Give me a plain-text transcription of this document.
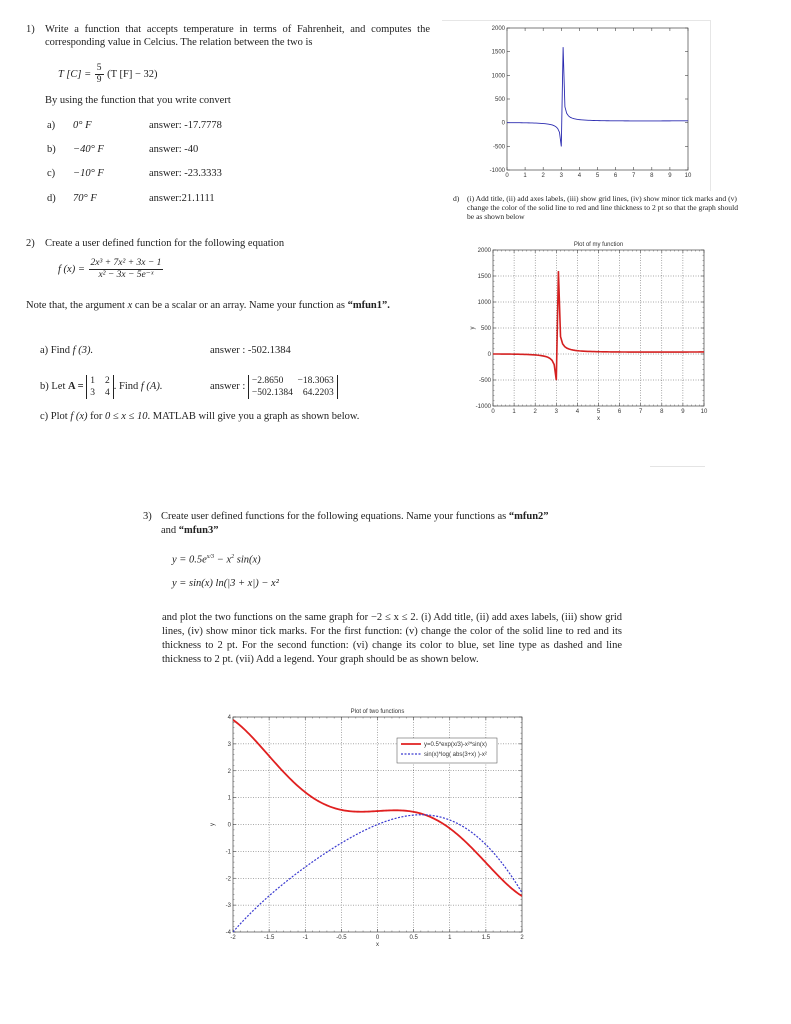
1) Write a function that accepts temperature in terms of Fahrenheit, and computes the
corresponding value in Celcius. The relation between the two is
T $[C] = \frac{5}{9} (T$ [F] − 32)
By using the function that you write convert
a) 0° F	answer: -17.7778
b) −40° F	answer: -40
c) −10° F	answer: -23.3333
d) 70° F	answer:21.1111
2) Create a user defined function for the following equation
f $(x) = \frac{\text{2x³ + 7x² + 3x − 1}}{\text{x² − 3x − 5e⁻ˣ}}$
Note that, the argument x can be a scalar or an array. Name your function as “mfun1”.
a) Find f (3).	answer : -502.1384
b) Let A =
1 2
3 4
. Find f (A).	answer :
−2.8650 −18.3063
−502.1384 64.2203
c) Plot f (x) for 0 ≤ x ≤ 10. MATLAB will give you a graph as shown below.
d) (i) Add title, (ii) add axes labels, (iii) show grid lines, (iv) show minor tick marks and (v)
change the color of the solid line to red and line thickness to 2 pt so that the graph should
be as shown below
3) Create user defined functions for the following equations. Name your functions as “mfun2”
and “mfun3”
$y = 0.5e^{x/3} - x^2$ sin(x)
y = sin(x) ln(|3 + x|) − x²
and plot the two functions on the same graph for −2 ≤ x ≤ 2. (i) Add title, (ii) add axes labels, (iii) show grid lines, (iv) show minor tick marks. For the first function: (v) change the color of the solid line to red and its thickness to 2 pt. For the second function: (vi) change its color to blue, set line type as dashed and line thickness to 2 pt. (vii) Add a legend. Your graph should be as shown below.
0 1 2 3 4 5 6 7 8 9 10
-1000
-500
0
500
1000
1500
2000
0	1	2	3	4	5	6	7	8	9	10
-1000
-500
0
500
1000
1500
2000
Plot of my function
x
y
-2	-1.5	-1	-0.5	0	0.5	1	1.5	2
-4
-3
-2
-1
0
1
2
3
4
Plot of two functions
x
y
y=0.5*exp(x/3)-x²*sin(x)
sin(x)*log( abs(3+x) )-x²
